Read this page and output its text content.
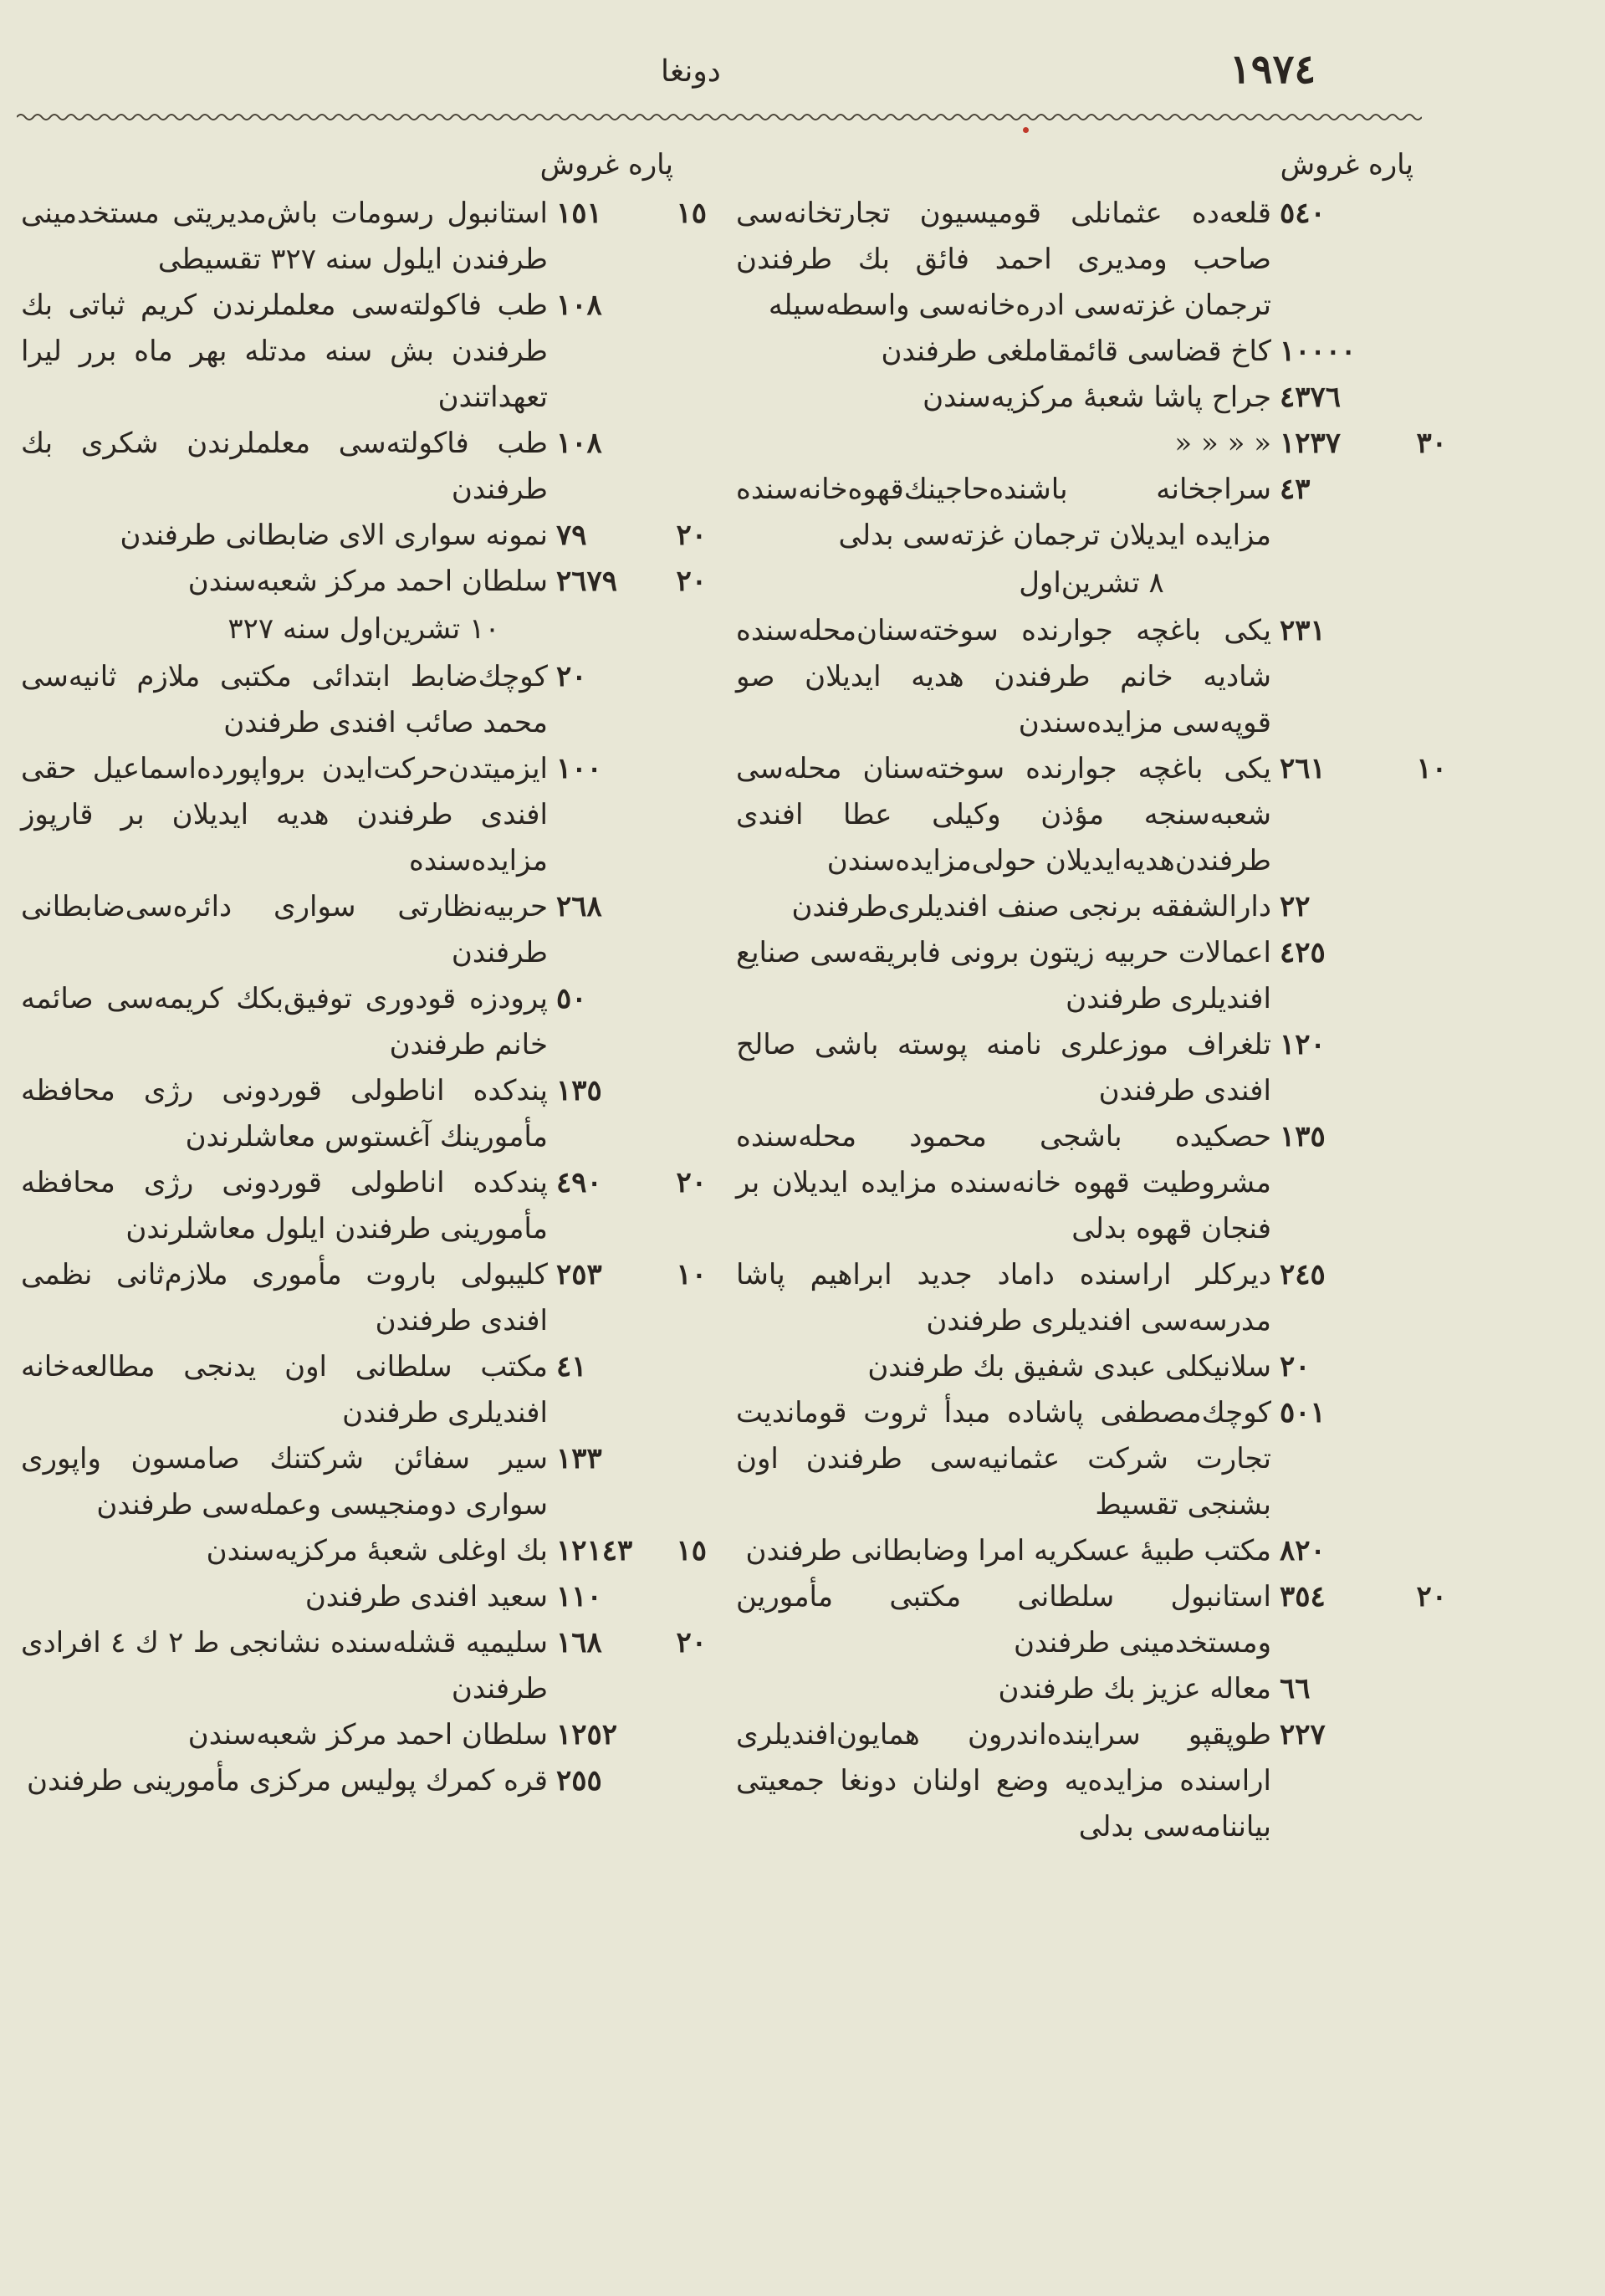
١٩٧٤
دونغا
پاره غروش
٥٤٠
قلعه‌ده عثمانلی قومیسیون تجارتخانه‌سی صاحب ومدیری احمد فائق بك طرفندن ترجمان غزته‌سی ادره‌خانه‌سی واسطه‌سیله
١٠٠٠٠
کاخ قضاسی قائمقاملغی طرفندن
٤٣٧٦
جراح پاشا شعبهٔ مرکزیه‌سندن
٣٠
١٢٣٧
« « « «
٤٣
سراجخانه باشنده‌حاجینك‌قهوه‌خانه‌سنده مزایده ایدیلان ترجمان غزته‌سی بدلی
٨ تشرین‌اول
٢٣١
یکی باغچه جوارنده سوخته‌سنان‌محله‌سنده شادیه خانم طرفندن هدیه ایدیلان صو قوپه‌سی مزایده‌سندن
١٠
٢٦١
یکی باغچه جوارنده سوخته‌سنان محله‌سی شعبه‌سنجه مؤذن وکیلی عطا افندی طرفندن‌هدیه‌ایدیلان حولی‌مزایده‌سندن
٢٢
دارالشفقه برنجی صنف افندیلری‌طرفندن
٤٢٥
اعمالات حربیه زیتون برونی فابریقه‌سی صنایع افندیلری طرفندن
١٢٠
تلغراف موزعلری نامنه پوسته باشی صالح افندی طرفندن
١٣٥
حصکیده باشجی محمود محله‌سنده مشروطیت قهوه خانه‌سنده مزایده ایدیلان بر فنجان قهوه بدلی
٢٤٥
دیرکلر اراسنده داماد جدید ابراهیم پاشا مدرسه‌سی افندیلری طرفندن
٢٠
سلانیکلی عبدی شفیق بك طرفندن
٥٠١
کوچك‌مصطفی پاشاده مبدأ ثروت قوما‌ندیت تجارت شرکت عثمانیه‌سی طرفندن اون بشنجی تقسیط
٨٢٠
مکتب طبیهٔ عسکریه امرا وضابطانی طرفندن
٢٠
٣٥٤
استانبول سلطانی مکتبی مأمورین ومستخدمینی طرفندن
٦٦
معاله عزیز بك طرفندن
٢٢٧
طوپقپو سراینده‌اندرون همایون‌افندیلری اراسنده مزایده‌یه وضع اولنان دونغا جمعیتی بیاننامه‌سی بدلی
پاره غروش
١٥
١٥١
استانبول رسومات باش‌مدیریتی مستخدمینی طرفندن ایلول سنه ٣٢٧ تقسیطی
١٠٨
طب فاکولته‌سی معلملرندن کریم ثباتی بك طرفندن بش سنه مدتله بهر ماه برر لیرا تعهداتندن
١٠٨
طب فاکولته‌سی معلملرندن شکری بك طرفندن
٢٠
٧٩
نمونه سواری الای ضابطانی طرفندن
٢٠
٢٦٧٩
سلطان احمد مرکز شعبه‌سندن
١٠ تشرین‌اول سنه ٣٢٧
٢٠
کوچك‌ضابط ابتدائی مکتبی ملازم ثانیه‌سی محمد صائب افندی طرفندن
١٠٠
ایزمیتدن‌حرکت‌ایدن برواپورده‌اسماعیل حقی افندی طرفندن هدیه ایدیلان بر قارپوز مزایده‌سنده
٢٦٨
حربیه‌نظارتی سواری دائره‌سی‌ضابطانی طرفندن
٥٠
پرودزه قودوری توفیق‌بکك کریمه‌سی صائمه خانم طرفندن
١٣٥
پندکده اناطولی قوردونی رژی محافظه مأمورینك آغستوس معاشلرندن
٢٠
٤٩٠
پندکده اناطولی قوردونی رژی محافظه مأمورینی طرفندن ایلول معاشلرندن
١٠
٢٥٣
کلیبولی باروت مأموری ملازم‌ثانی نظمی افندی طرفندن
٤١
مکتب سلطانی اون یدنجی مطالعه‌خانه افندیلری طرفندن
١٣٣
سیر سفائن شرکتنك صامسون واپوری سواری دومنجیسی وعمله‌سی طرفندن
١٥
١٢١٤٣
بك اوغلی شعبهٔ مرکزیه‌سندن
١١٠
سعید افندی طرفندن
٢٠
١٦٨
سلیمیه قشله‌سنده نشانجی ط ٢ ك ٤ افرادی طرفندن
١٢٥٢
سلطان احمد مرکز شعبه‌سندن
٢٥٥
قره کمرك پولیس مرکزی مأمورینی طرفندن
